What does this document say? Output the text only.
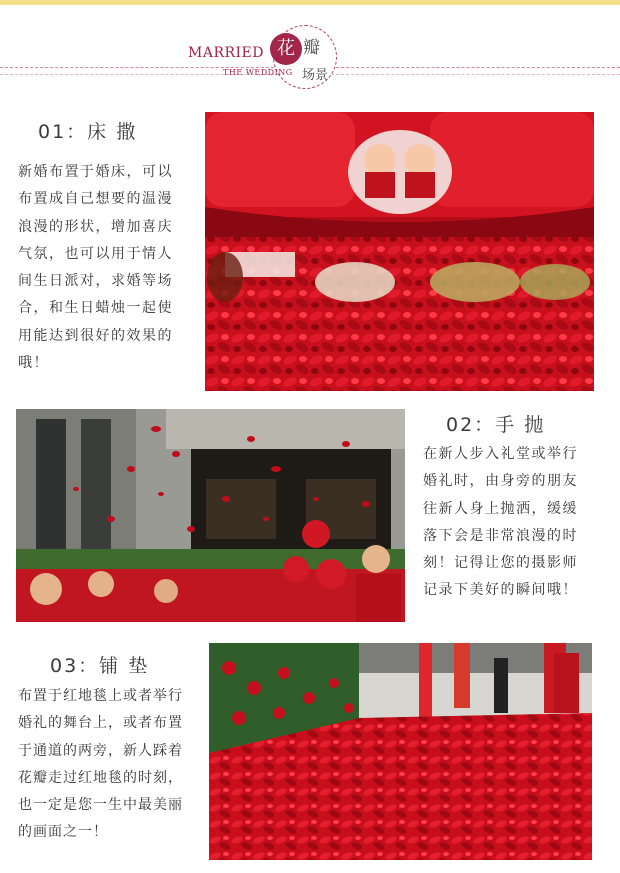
MARRIED
THE WEDDING
花 瓣
场景
01：床 撒
新婚布置于婚床，可以
布置成自己想要的温漫
浪漫的形状，增加喜庆
气氛，也可以用于情人
间生日派对，求婚等场
合，和生日蜡烛一起使
用能达到很好的效果的
哦！
02：手 抛
在新人步入礼堂或举行
婚礼时，由身旁的朋友
往新人身上抛洒，缓缓
落下会是非常浪漫的时
刻！记得让您的摄影师
记录下美好的瞬间哦！
03：铺 垫
布置于红地毯上或者举行
婚礼的舞台上，或者布置
于通道的两旁，新人踩着
花瓣走过红地毯的时刻，
也一定是您一生中最美丽
的画面之一！
